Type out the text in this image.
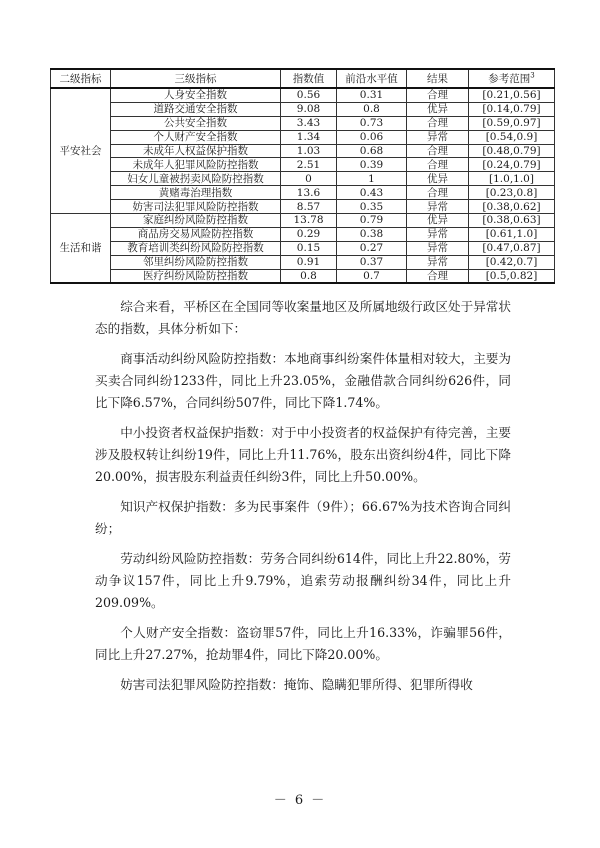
二级指标	三级指标	指数值	前沿水平值	结果	参考范围$^3$
平安社会	人身安全指数	0.56	0.31	合理	[0.21,0.56]
	道路交通安全指数	9.08	0.8	优异	[0.14,0.79]
	公共安全指数	3.43	0.73	合理	[0.59,0.97]
	个人财产安全指数	1.34	0.06	异常	[0.54,0.9]
	未成年人权益保护指数	1.03	0.68	合理	[0.48,0.79]
	未成年人犯罪风险防控指数	2.51	0.39	合理	[0.24,0.79]
	妇女儿童被拐卖风险防控指数	0	1	优异	[1.0,1.0]
	黄赌毒治理指数	13.6	0.43	合理	[0.23,0.8]
	妨害司法犯罪风险防控指数	8.57	0.35	异常	[0.38,0.62]
生活和谐	家庭纠纷风险防控指数	13.78	0.79	优异	[0.38,0.63]
	商品房交易风险防控指数	0.29	0.38	异常	[0.61,1.0]
	教育培训类纠纷风险防控指数	0.15	0.27	异常	[0.47,0.87]
	邻里纠纷风险防控指数	0.91	0.37	异常	[0.42,0.7]
	医疗纠纷风险防控指数	0.8	0.7	合理	[0.5,0.82]

综合来看，平桥区在全国同等收案量地区及所属地级行政区处于异常状态的指数，具体分析如下：

商事活动纠纷风险防控指数：本地商事纠纷案件体量相对较大，主要为买卖合同纠纷1233件，同比上升23.05%，金融借款合同纠纷626件，同比下降6.57%，合同纠纷507件，同比下降1.74%。

中小投资者权益保护指数：对于中小投资者的权益保护有待完善，主要涉及股权转让纠纷19件，同比上升11.76%，股东出资纠纷4件，同比下降20.00%，损害股东利益责任纠纷3件，同比上升50.00%。

知识产权保护指数：多为民事案件（9件）；66.67%为技术咨询合同纠纷；

劳动纠纷风险防控指数：劳务合同纠纷614件，同比上升22.80%，劳动争议157件，同比上升9.79%，追索劳动报酬纠纷34件，同比上升209.09%。

个人财产安全指数：盗窃罪57件，同比上升16.33%，诈骗罪56件，同比上升27.27%，抢劫罪4件，同比下降20.00%。

妨害司法犯罪风险防控指数：掩饰、隐瞒犯罪所得、犯罪所得收

－ 6 －
